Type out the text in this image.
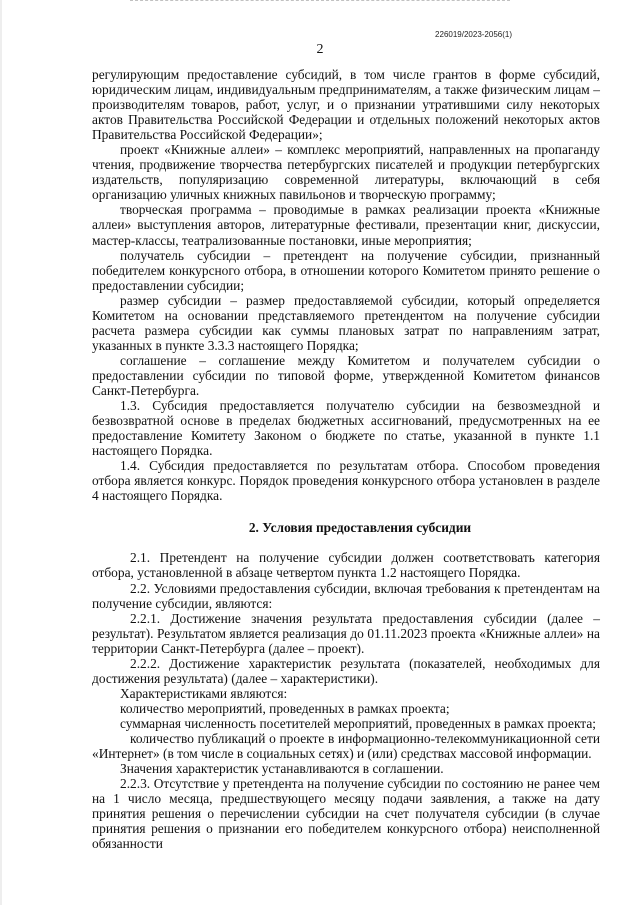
226019/2023-2056(1)
2

регулирующим предоставление субсидий, в том числе грантов в форме субсидий, юридическим лицам, индивидуальным предпринимателям, а также физическим лицам – производителям товаров, работ, услуг, и о признании утратившими силу некоторых актов Правительства Российской Федерации и отдельных положений некоторых актов Правительства Российской Федерации»;

проект «Книжные аллеи» – комплекс мероприятий, направленных на пропаганду чтения, продвижение творчества петербургских писателей и продукции петербургских издательств, популяризацию современной литературы, включающий в себя организацию уличных книжных павильонов и творческую программу;

творческая программа – проводимые в рамках реализации проекта «Книжные аллеи» выступления авторов, литературные фестивали, презентации книг, дискуссии, мастер-классы, театрализованные постановки, иные мероприятия;

получатель субсидии – претендент на получение субсидии, признанный победителем конкурсного отбора, в отношении которого Комитетом принято решение о предоставлении субсидии;

размер субсидии – размер предоставляемой субсидии, который определяется Комитетом на основании представляемого претендентом на получение субсидии расчета размера субсидии как суммы плановых затрат по направлениям затрат, указанных в пункте 3.3.3 настоящего Порядка;

соглашение – соглашение между Комитетом и получателем субсидии о предоставлении субсидии по типовой форме, утвержденной Комитетом финансов Санкт-Петербурга.

1.3. Субсидия предоставляется получателю субсидии на безвозмездной и безвозвратной основе в пределах бюджетных ассигнований, предусмотренных на ее предоставление Комитету Законом о бюджете по статье, указанной в пункте 1.1 настоящего Порядка.

1.4. Субсидия предоставляется по результатам отбора. Способом проведения отбора является конкурс. Порядок проведения конкурсного отбора установлен в разделе 4 настоящего Порядка.

2. Условия предоставления субсидии

2.1. Претендент на получение субсидии должен соответствовать категория отбора, установленной в абзаце четвертом пункта 1.2 настоящего Порядка.

2.2. Условиями предоставления субсидии, включая требования к претендентам на получение субсидии, являются:

2.2.1. Достижение значения результата предоставления субсидии (далее – результат). Результатом является реализация до 01.11.2023 проекта «Книжные аллеи» на территории Санкт-Петербурга (далее – проект).

2.2.2. Достижение характеристик результата (показателей, необходимых для достижения результата) (далее – характеристики).

Характеристиками являются:

количество мероприятий, проведенных в рамках проекта;

суммарная численность посетителей мероприятий, проведенных в рамках проекта;

количество публикаций о проекте в информационно-телекоммуникационной сети «Интернет» (в том числе в социальных сетях) и (или) средствах массовой информации.

Значения характеристик устанавливаются в соглашении.

2.2.3. Отсутствие у претендента на получение субсидии по состоянию не ранее чем на 1 число месяца, предшествующего месяцу подачи заявления, а также на дату принятия решения о перечислении субсидии на счет получателя субсидии (в случае принятия решения о признании его победителем конкурсного отбора) неисполненной обязанности
